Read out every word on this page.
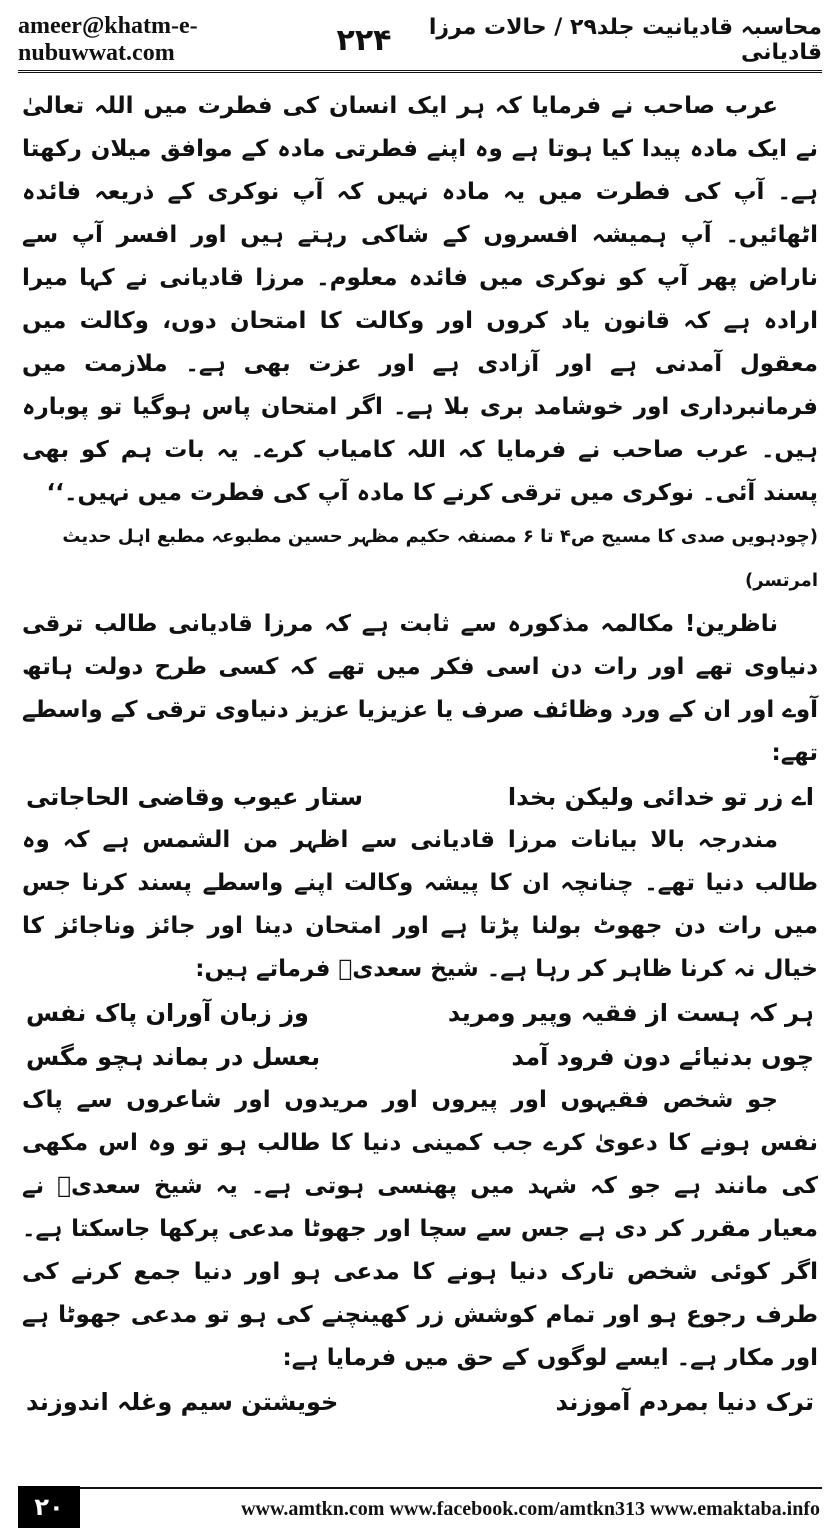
ameer@khatm-e-nubuwwat.com	۲۲۴	محاسبہ قادیانیت جلد۲۹ / حالات مرزا قادیانی

عرب صاحب نے فرمایا کہ ہر ایک انسان کی فطرت میں اللہ تعالیٰ نے ایک مادہ پیدا کیا ہوتا ہے وہ اپنے فطرتی مادہ کے موافق میلان رکھتا ہے۔ آپ کی فطرت میں یہ مادہ نہیں کہ آپ نوکری کے ذریعہ فائدہ اٹھائیں۔ آپ ہمیشہ افسروں کے شاکی رہتے ہیں اور افسر آپ سے ناراض پھر آپ کو نوکری میں فائدہ معلوم۔ مرزا قادیانی نے کہا میرا ارادہ ہے کہ قانون یاد کروں اور وکالت کا امتحان دوں، وکالت میں معقول آمدنی ہے اور آزادی ہے اور عزت بھی ہے۔ ملازمت میں فرمانبرداری اور خوشامد بری بلا ہے۔ اگر امتحان پاس ہوگیا تو پوبارہ ہیں۔ عرب صاحب نے فرمایا کہ اللہ کامیاب کرے۔ یہ بات ہم کو بھی پسند آئی۔ نوکری میں ترقی کرنے کا مادہ آپ کی فطرت میں نہیں۔‘‘

(چودہویں صدی کا مسیح ص۴ تا ۶ مصنفہ حکیم مظہر حسین مطبوعہ مطبع اہل حدیث امرتسر)

ناظرین! مکالمہ مذکورہ سے ثابت ہے کہ مرزا قادیانی طالب ترقی دنیاوی تھے اور رات دن اسی فکر میں تھے کہ کسی طرح دولت ہاتھ آوے اور ان کے ورد وظائف صرف یا عزیزیا عزیز دنیاوی ترقی کے واسطے تھے:

اے زر تو خدائی ولیکن بخدا
ستار عیوب وقاضی الحاجاتی

مندرجہ بالا بیانات مرزا قادیانی سے اظہر من الشمس ہے کہ وہ طالب دنیا تھے۔ چنانچہ ان کا پیشہ وکالت اپنے واسطے پسند کرنا جس میں رات دن جھوٹ بولنا پڑتا ہے اور امتحان دینا اور جائز وناجائز کا خیال نہ کرنا ظاہر کر رہا ہے۔ شیخ سعدیؒ فرماتے ہیں:

ہر کہ ہست از فقیہ وپیر ومرید
وز زبان آوران پاک نفس
چوں بدنیائے دون فرود آمد
بعسل در بماند ہچو مگس

جو شخص فقیہوں اور پیروں اور مریدوں اور شاعروں سے پاک نفس ہونے کا دعویٰ کرے جب کمینی دنیا کا طالب ہو تو وہ اس مکھی کی مانند ہے جو کہ شہد میں پھنسی ہوتی ہے۔ یہ شیخ سعدیؒ نے معیار مقرر کر دی ہے جس سے سچا اور جھوٹا مدعی پرکھا جاسکتا ہے۔ اگر کوئی شخص تارک دنیا ہونے کا مدعی ہو اور دنیا جمع کرنے کی طرف رجوع ہو اور تمام کوشش زر کھینچنے کی ہو تو مدعی جھوٹا ہے اور مکار ہے۔ ایسے لوگوں کے حق میں فرمایا ہے:

ترک دنیا بمردم آموزند
خویشتن سیم وغلہ اندوزند
۲۰	www.amtkn.com www.facebook.com/amtkn313 www.emaktaba.info
